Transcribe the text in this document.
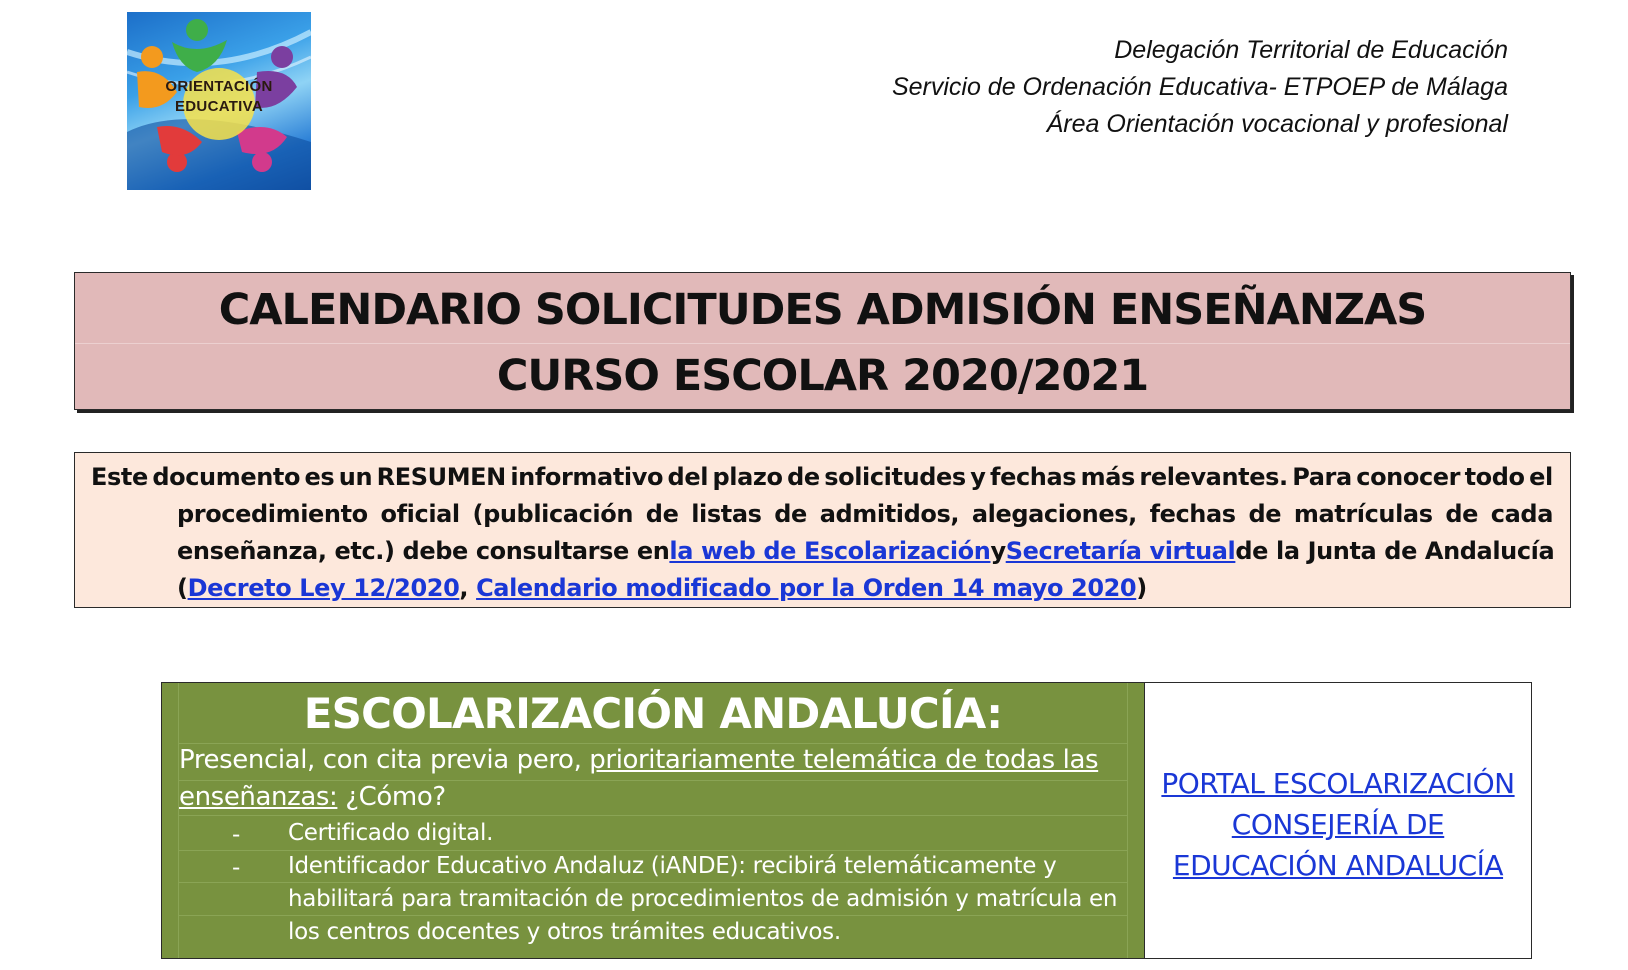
ORIENTACIÓN
EDUCATIVA
Delegación Territorial de Educación
Servicio de Ordenación Educativa- ETPOEP de Málaga
Área Orientación vocacional y profesional
CALENDARIO SOLICITUDES ADMISIÓN ENSEÑANZAS
CURSO ESCOLAR 2020/2021
Este documento es un RESUMEN informativo del plazo de solicitudes y fechas más relevantes. Para conocer todo el
procedimiento oficial (publicación de listas de admitidos, alegaciones, fechas de matrículas de cada
enseñanza, etc.) debe consultarse en la web de Escolarización y Secretaría virtual de la Junta de Andalucía
(Decreto Ley 12/2020, Calendario modificado por la Orden 14 mayo 2020)
ESCOLARIZACIÓN ANDALUCÍA:
Presencial, con cita previa pero, prioritariamente telemática de todas las
enseñanzas: ¿Cómo?
- Certificado digital.
- Identificador Educativo Andaluz (iANDE): recibirá telemáticamente y
habilitará para tramitación de procedimientos de admisión y matrícula en
los centros docentes y otros trámites educativos.
PORTAL ESCOLARIZACIÓN
CONSEJERÍA DE
EDUCACIÓN ANDALUCÍA
